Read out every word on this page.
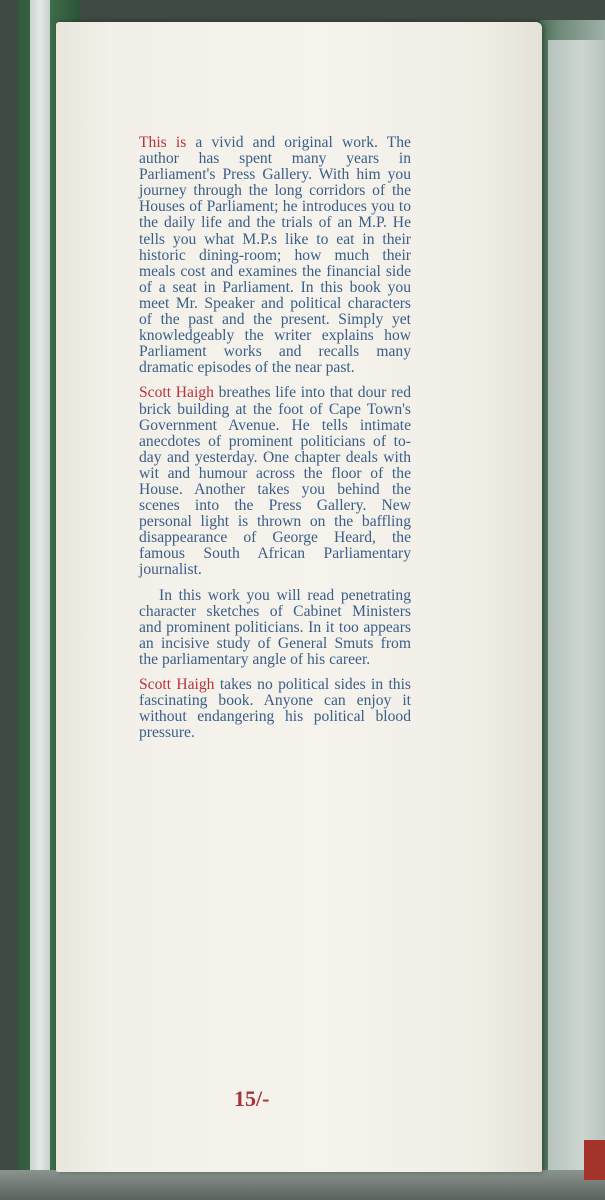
This is a vivid and original work. The author has spent many years in Parliament's Press Gallery. With him you journey through the long corridors of the Houses of Parliament; he introduces you to the daily life and the trials of an M.P. He tells you what M.P.s like to eat in their historic dining-room; how much their meals cost and examines the financial side of a seat in Parliament. In this book you meet Mr. Speaker and political characters of the past and the present. Simply yet knowledgeably the writer explains how Parliament works and recalls many dramatic episodes of the near past.

Scott Haigh breathes life into that dour red brick building at the foot of Cape Town's Government Avenue. He tells intimate anecdotes of prominent politicians of to-day and yesterday. One chapter deals with wit and humour across the floor of the House. Another takes you behind the scenes into the Press Gallery. New personal light is thrown on the baffling disappearance of George Heard, the famous South African Parliamentary journalist.

In this work you will read penetrating character sketches of Cabinet Ministers and prominent politicians. In it too appears an incisive study of General Smuts from the parliamentary angle of his career.

Scott Haigh takes no political sides in this fascinating book. Anyone can enjoy it without endangering his political blood pressure.

15/-
